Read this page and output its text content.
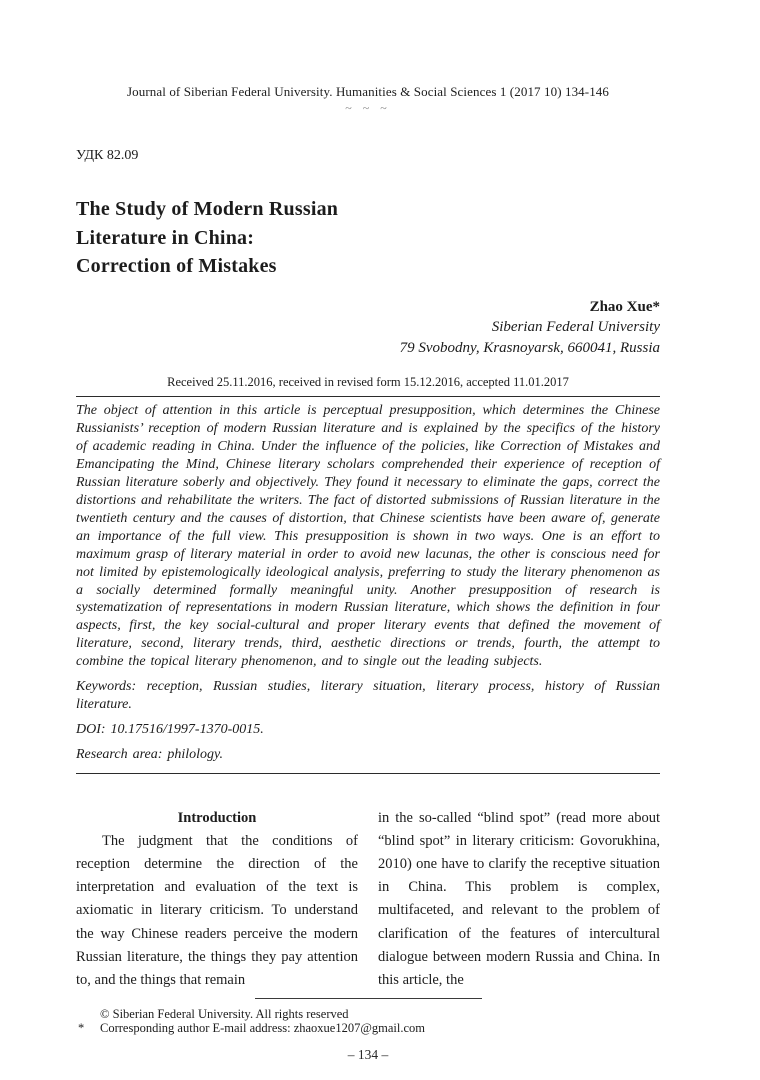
Journal of Siberian Federal University. Humanities & Social Sciences 1 (2017 10) 134-146
~ ~ ~
УДК 82.09
The Study of Modern Russian
Literature in China:
Correction of Mistakes
Zhao Xue*
Siberian Federal University
79 Svobodny, Krasnoyarsk, 660041, Russia
Received 25.11.2016, received in revised form 15.12.2016, accepted 11.01.2017

The object of attention in this article is perceptual presupposition, which determines the Chinese Russianists’ reception of modern Russian literature and is explained by the specifics of the history of academic reading in China. Under the influence of the policies, like Correction of Mistakes and Emancipating the Mind, Chinese literary scholars comprehended their experience of reception of Russian literature soberly and objectively. They found it necessary to eliminate the gaps, correct the distortions and rehabilitate the writers. The fact of distorted submissions of Russian literature in the twentieth century and the causes of distortion, that Chinese scientists have been aware of, generate an importance of the full view. This presupposition is shown in two ways. One is an effort to maximum grasp of literary material in order to avoid new lacunas, the other is conscious need for not limited by epistemologically ideological analysis, preferring to study the literary phenomenon as a socially determined formally meaningful unity. Another presupposition of research is systematization of representations in modern Russian literature, which shows the definition in four aspects, first, the key social-cultural and proper literary events that defined the movement of literature, second, literary trends, third, aesthetic directions or trends, fourth, the attempt to combine the topical literary phenomenon, and to single out the leading subjects.

Keywords: reception, Russian studies, literary situation, literary process, history of Russian literature.

DOI: 10.17516/1997-1370-0015.

Research area: philology.

Introduction

The judgment that the conditions of reception determine the direction of the interpretation and evaluation of the text is axiomatic in literary criticism. To understand the way Chinese readers perceive the modern Russian literature, the things they pay attention to, and the things that remain

in the so-called “blind spot” (read more about “blind spot” in literary criticism: Govorukhina, 2010) one have to clarify the receptive situation in China. This problem is complex, multifaceted, and relevant to the problem of clarification of the features of intercultural dialogue between modern Russia and China. In this article, the

© Siberian Federal University. All rights reserved
*	Corresponding author E-mail address: zhaoxue1207@gmail.com
– 134 –
